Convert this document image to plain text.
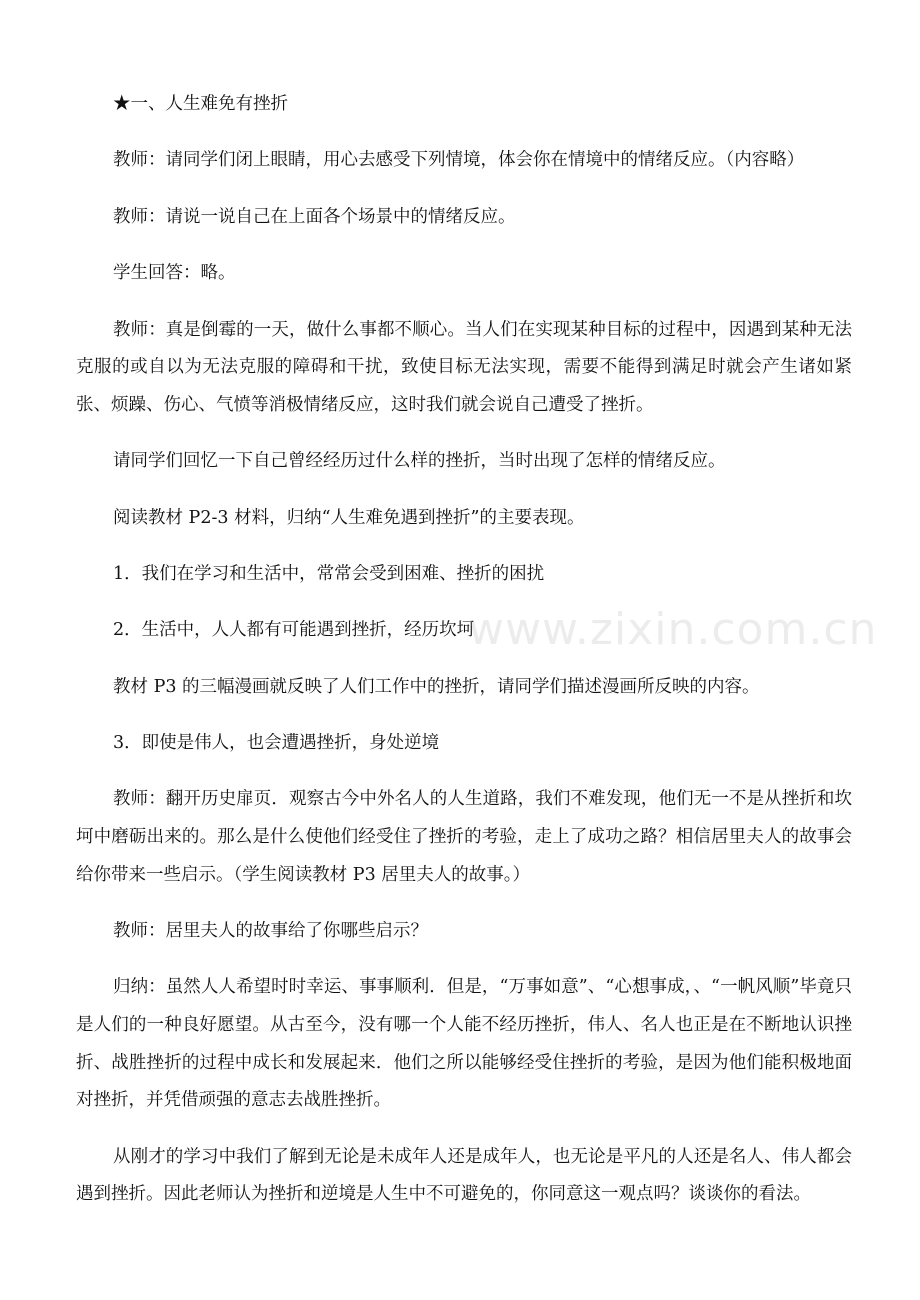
★一、人生难免有挫折

教师：请同学们闭上眼睛，用心去感受下列情境，体会你在情境中的情绪反应。（内容略）

教师：请说一说自己在上面各个场景中的情绪反应。

学生回答：略。

教师：真是倒霉的一天，做什么事都不顺心。当人们在实现某种目标的过程中，因遇到某种无法克服的或自以为无法克服的障碍和干扰，致使目标无法实现，需要不能得到满足时就会产生诸如紧张、烦躁、伤心、气愤等消极情绪反应，这时我们就会说自己遭受了挫折。

请同学们回忆一下自己曾经经历过什么样的挫折，当时出现了怎样的情绪反应。

阅读教材 P2-3 材料，归纳“人生难免遇到挫折”的主要表现。

1．我们在学习和生活中，常常会受到困难、挫折的困扰

2．生活中，人人都有可能遇到挫折，经历坎坷

教材 P3 的三幅漫画就反映了人们工作中的挫折，请同学们描述漫画所反映的内容。

3．即使是伟人，也会遭遇挫折，身处逆境

教师：翻开历史扉页．观察古今中外名人的人生道路，我们不难发现，他们无一不是从挫折和坎坷中磨砺出来的。那么是什么使他们经受住了挫折的考验，走上了成功之路？相信居里夫人的故事会给你带来一些启示。（学生阅读教材 P3 居里夫人的故事。）

教师：居里夫人的故事给了你哪些启示？

归纳：虽然人人希望时时幸运、事事顺利．但是，“万事如意”、“心想事成，、“一帆风顺”毕竟只是人们的一种良好愿望。从古至今，没有哪一个人能不经历挫折，伟人、名人也正是在不断地认识挫折、战胜挫折的过程中成长和发展起来．他们之所以能够经受住挫折的考验，是因为他们能积极地面对挫折，并凭借顽强的意志去战胜挫折。

从刚才的学习中我们了解到无论是未成年人还是成年人，也无论是平凡的人还是名人、伟人都会遇到挫折。因此老师认为挫折和逆境是人生中不可避免的，你同意这一观点吗？谈谈你的看法。

www.zixin.com.cn
